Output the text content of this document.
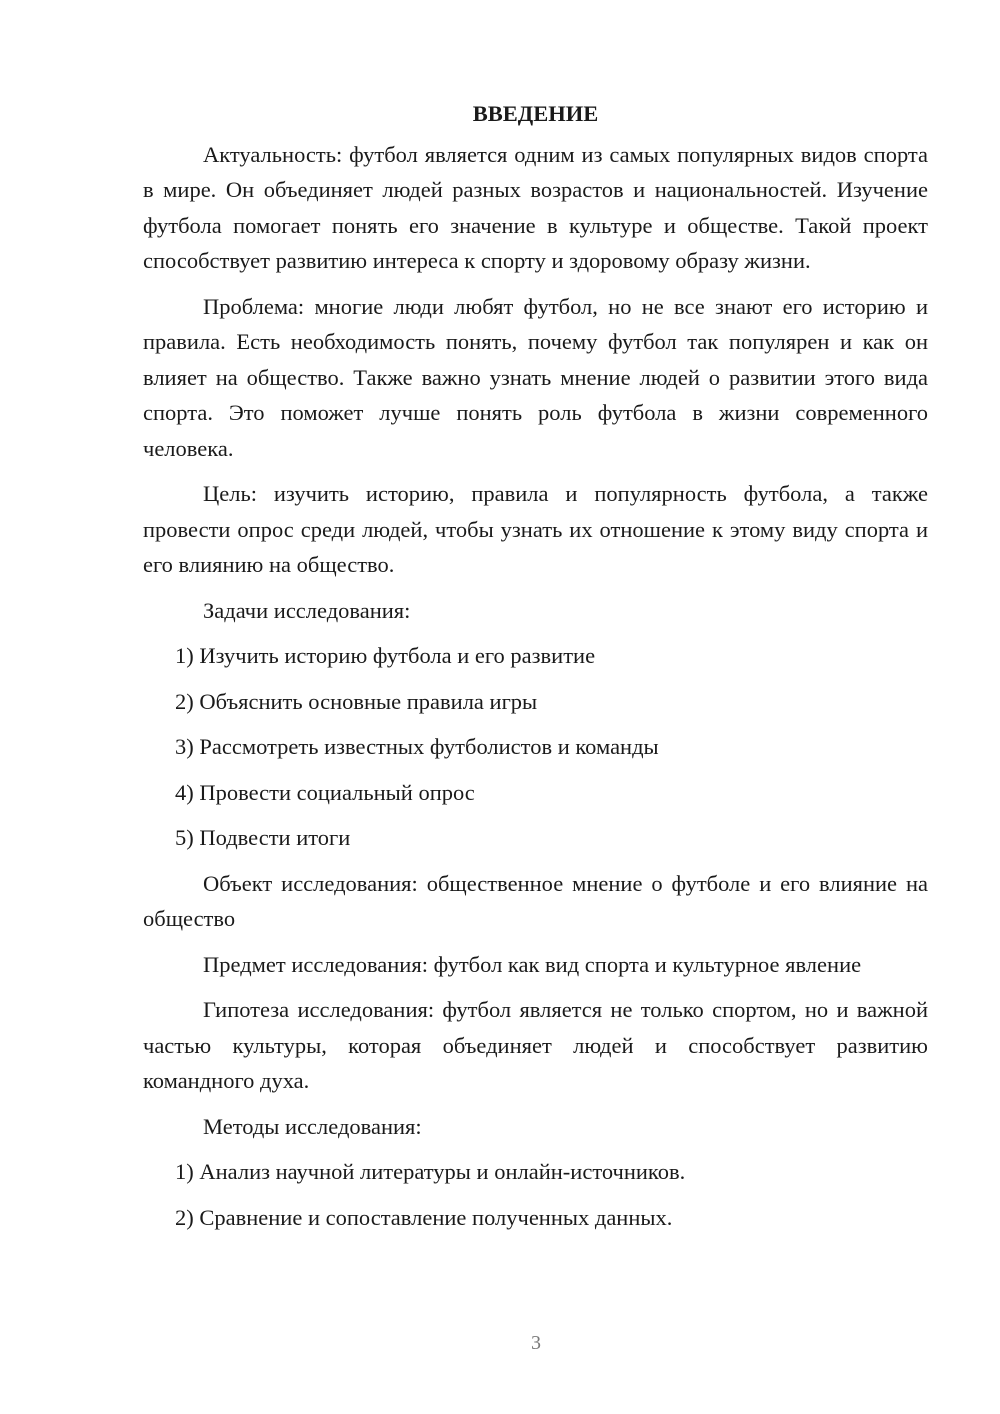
ВВЕДЕНИЕ

Актуальность: футбол является одним из самых популярных видов спорта в мире. Он объединяет людей разных возрастов и национальностей. Изучение футбола помогает понять его значение в культуре и обществе. Такой проект способствует развитию интереса к спорту и здоровому образу жизни.

Проблема: многие люди любят футбол, но не все знают его историю и правила. Есть необходимость понять, почему футбол так популярен и как он влияет на общество. Также важно узнать мнение людей о развитии этого вида спорта. Это поможет лучше понять роль футбола в жизни современного человека.

Цель: изучить историю, правила и популярность футбола, а также провести опрос среди людей, чтобы узнать их отношение к этому виду спорта и его влиянию на общество.

Задачи исследования:

1) Изучить историю футбола и его развитие
2) Объяснить основные правила игры
3) Рассмотреть известных футболистов и команды
4) Провести социальный опрос
5) Подвести итоги

Объект исследования: общественное мнение о футболе и его влияние на общество

Предмет исследования: футбол как вид спорта и культурное явление

Гипотеза исследования: футбол является не только спортом, но и важной частью культуры, которая объединяет людей и способствует развитию командного духа.

Методы исследования:

1) Анализ научной литературы и онлайн-источников.
2) Сравнение и сопоставление полученных данных.
3
